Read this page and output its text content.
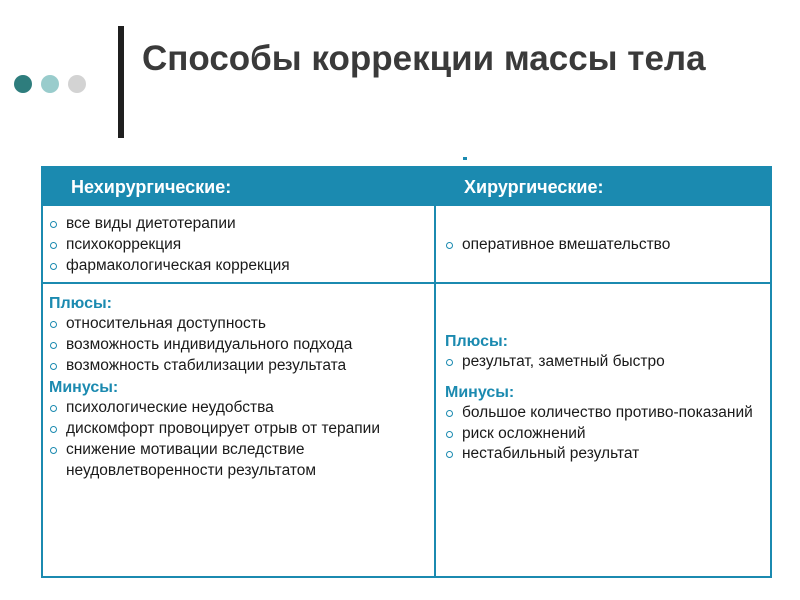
Способы коррекции массы тела
Нехирургические:	Хирургические:
все виды диетотерапии
психокоррекция
фармакологическая коррекция
оперативное вмешательство
Плюсы:
относительная доступность
возможность индивидуального подхода
возможность стабилизации результата
Минусы:
психологические неудобства
дискомфорт провоцирует отрыв от терапии
снижение мотивации вследствие неудовлетворенности результатом
Плюсы:
результат, заметный быстро
Минусы:
большое количество противо-показаний
риск осложнений
нестабильный результат
